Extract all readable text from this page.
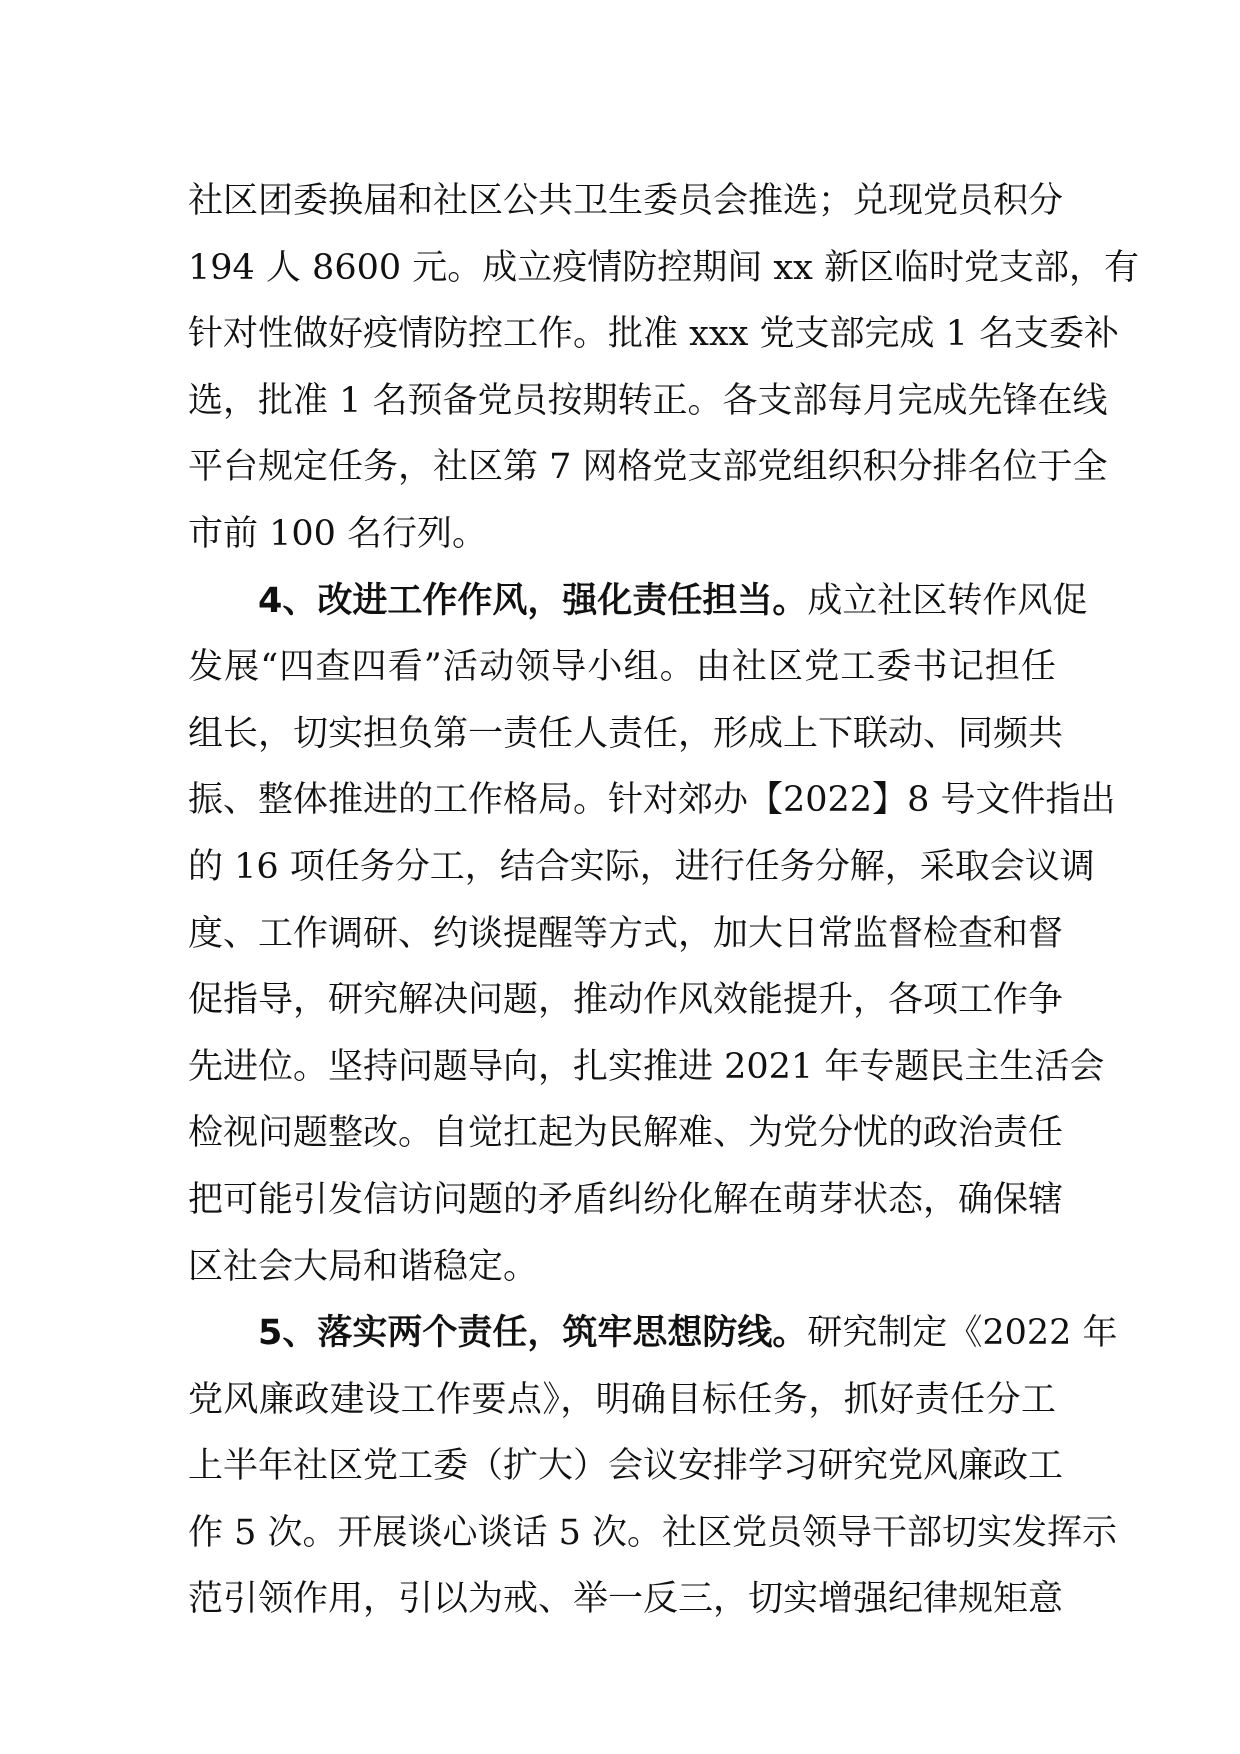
社区团委换届和社区公共卫生委员会推选；兑现党员积分
194 人 8600 元。成立疫情防控期间 xx 新区临时党支部，有
针对性做好疫情防控工作。批准 xxx 党支部完成 1 名支委补
选，批准 1 名预备党员按期转正。各支部每月完成先锋在线
平台规定任务，社区第 7 网格党支部党组织积分排名位于全
市前 100 名行列。
4、改进工作作风，强化责任担当。成立社区转作风促
发展“四查四看”活动领导小组。由社区党工委书记担任
组长，切实担负第一责任人责任，形成上下联动、同频共
振、整体推进的工作格局。针对郊办【2022】8 号文件指出
的 16 项任务分工，结合实际，进行任务分解，采取会议调
度、工作调研、约谈提醒等方式，加大日常监督检查和督
促指导，研究解决问题，推动作风效能提升，各项工作争
先进位。坚持问题导向，扎实推进 2021 年专题民主生活会
检视问题整改。自觉扛起为民解难、为党分忧的政治责任
把可能引发信访问题的矛盾纠纷化解在萌芽状态，确保辖
区社会大局和谐稳定。
5、落实两个责任，筑牢思想防线。研究制定《2022 年
党风廉政建设工作要点》，明确目标任务，抓好责任分工
上半年社区党工委（扩大）会议安排学习研究党风廉政工
作 5 次。开展谈心谈话 5 次。社区党员领导干部切实发挥示
范引领作用，引以为戒、举一反三，切实增强纪律规矩意
